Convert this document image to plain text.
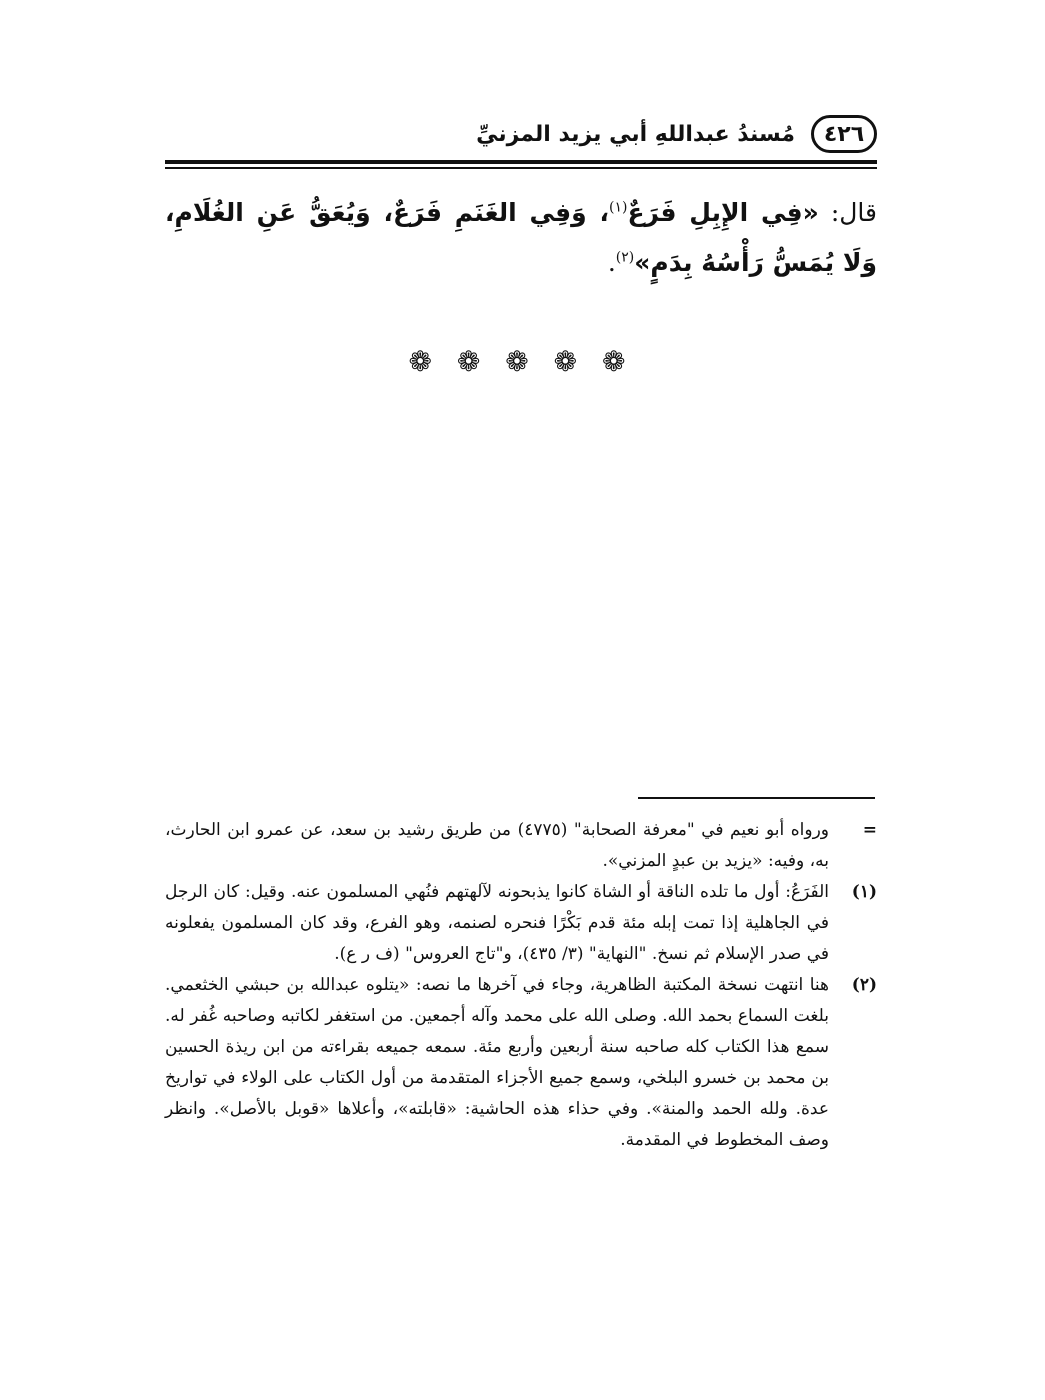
٤٢٦
مُسندُ عبداللهِ أبي يزيد المزنيِّ
قال: «فِي الإِبِلِ فَرَعٌ$^{(١)}$، وَفِي الغَنَمِ فَرَعٌ، وَيُعَقُّ عَنِ الغُلَامِ، وَلَا يُمَسُّ رَأْسُهُ بِدَمٍ»$^{(٢)}$.
❁ ❁ ❁ ❁ ❁
=
ورواه أبو نعيم في "معرفة الصحابة" (٤٧٧٥) من طريق رشيد بن سعد، عن عمرو ابن الحارث، به، وفيه: «يزيد بن عبدٍ المزني».
(١)
الفَرَعُ: أول ما تلده الناقة أو الشاة كانوا يذبحونه لآلهتهم فنُهي المسلمون عنه. وقيل: كان الرجل في الجاهلية إذا تمت إبله مئة قدم بَكْرًا فنحره لصنمه، وهو الفرع، وقد كان المسلمون يفعلونه في صدر الإسلام ثم نسخ. "النهاية" (٣/ ٤٣٥)، و"تاج العروس" (ف ر ع).
(٢)
هنا انتهت نسخة المكتبة الظاهرية، وجاء في آخرها ما نصه: «يتلوه عبدالله بن حبشي الخثعمي. بلغت السماع بحمد الله. وصلى الله على محمد وآله أجمعين. من استغفر لكاتبه وصاحبه غُفر له. سمع هذا الكتاب كله صاحبه سنة أربعين وأربع مئة. سمعه جميعه بقراءته من ابن ريذة الحسين بن محمد بن خسرو البلخي، وسمع جميع الأجزاء المتقدمة من أول الكتاب على الولاء في تواريخ عدة. ولله الحمد والمنة». وفي حذاء هذه الحاشية: «قابلته»، وأعلاها «قوبل بالأصل». وانظر وصف المخطوط في المقدمة.
